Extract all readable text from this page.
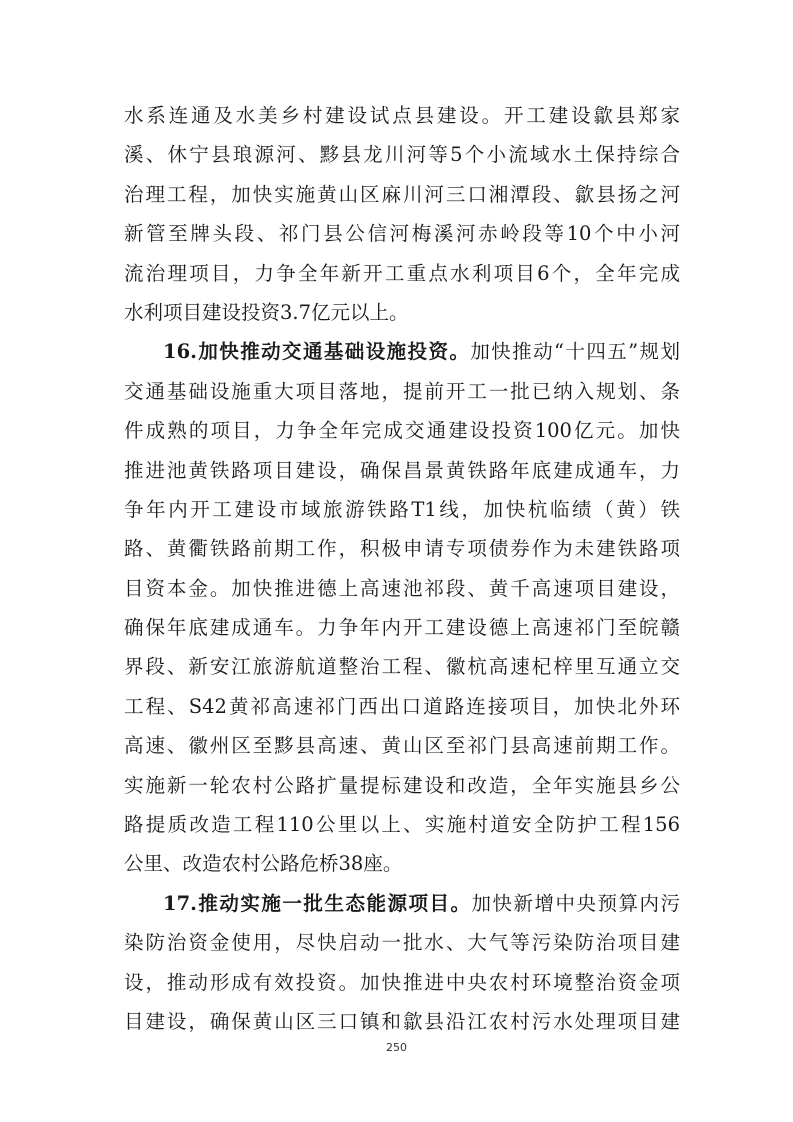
水系连通及水美乡村建设试点县建设。开工建设歙县郑家
溪、休宁县琅源河、黟县龙川河等5个小流域水土保持综合
治理工程，加快实施黄山区麻川河三口湘潭段、歙县扬之河
新管至牌头段、祁门县公信河梅溪河赤岭段等10个中小河
流治理项目，力争全年新开工重点水利项目6个，全年完成
水利项目建设投资3.7亿元以上。
16.加快推动交通基础设施投资。加快推动“十四五”规划
交通基础设施重大项目落地，提前开工一批已纳入规划、条
件成熟的项目，力争全年完成交通建设投资100亿元。加快
推进池黄铁路项目建设，确保昌景黄铁路年底建成通车，力
争年内开工建设市域旅游铁路T1线，加快杭临绩（黄）铁
路、黄衢铁路前期工作，积极申请专项债券作为未建铁路项
目资本金。加快推进德上高速池祁段、黄千高速项目建设，
确保年底建成通车。力争年内开工建设德上高速祁门至皖赣
界段、新安江旅游航道整治工程、徽杭高速杞梓里互通立交
工程、S42黄祁高速祁门西出口道路连接项目，加快北外环
高速、徽州区至黟县高速、黄山区至祁门县高速前期工作。
实施新一轮农村公路扩量提标建设和改造，全年实施县乡公
路提质改造工程110公里以上、实施村道安全防护工程156
公里、改造农村公路危桥38座。
17.推动实施一批生态能源项目。加快新增中央预算内污
染防治资金使用，尽快启动一批水、大气等污染防治项目建
设，推动形成有效投资。加快推进中央农村环境整治资金项
目建设，确保黄山区三口镇和歙县沿江农村污水处理项目建
250
